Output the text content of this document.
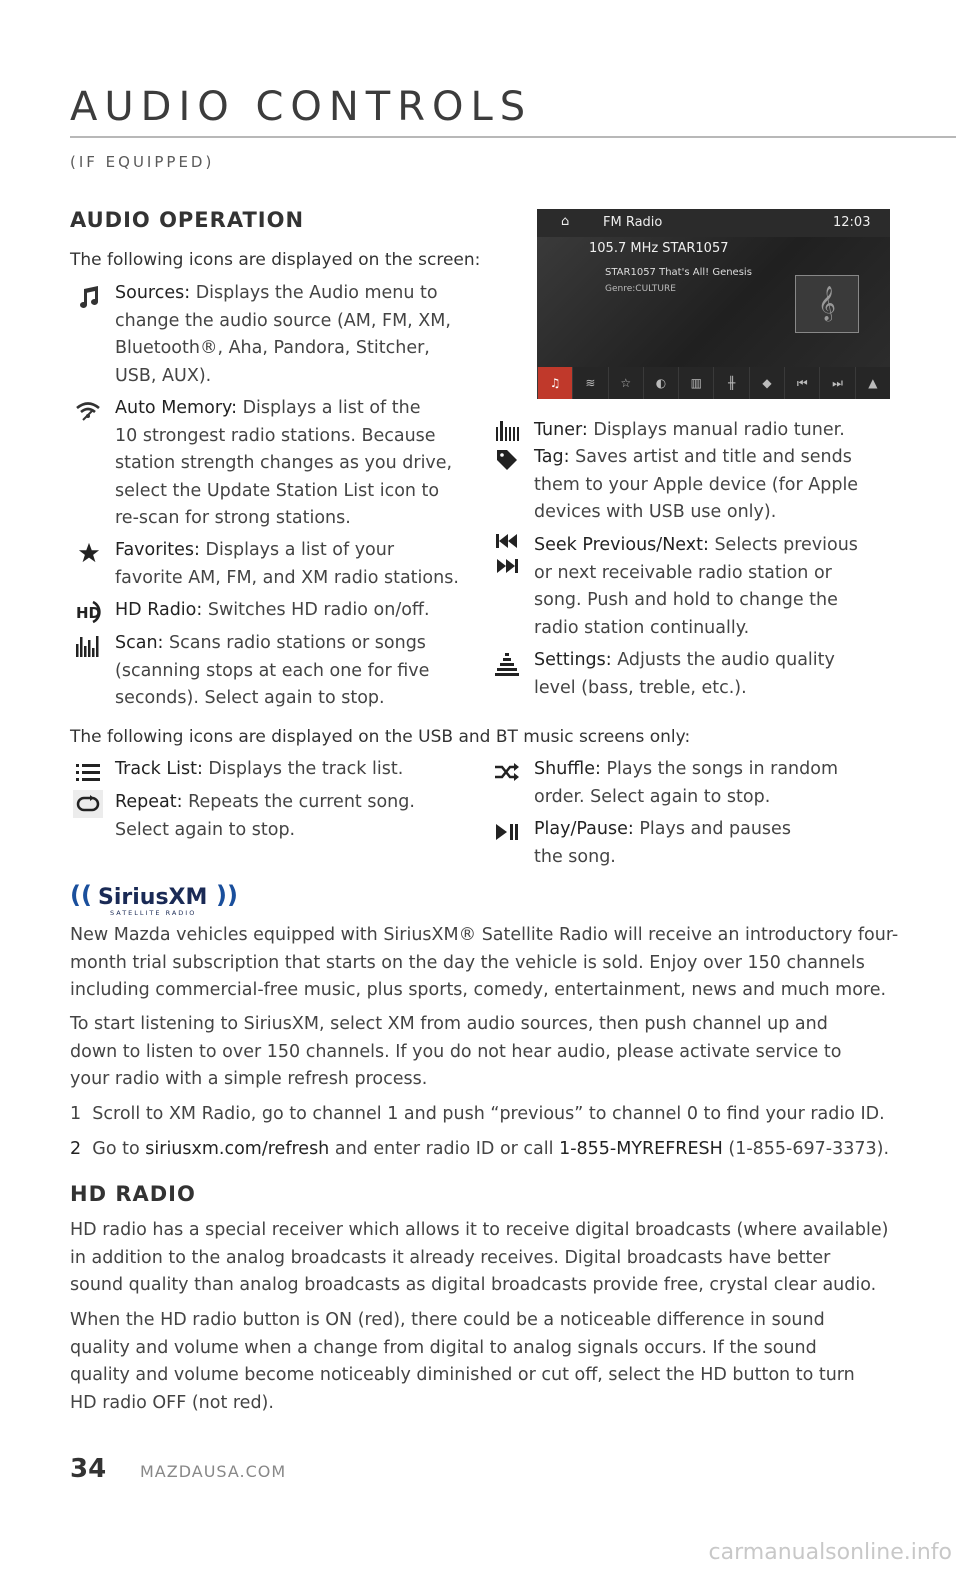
AUDIO CONTROLS
(IF EQUIPPED)
AUDIO OPERATION
The following icons are displayed on the screen:
Sources: Displays the Audio menu to
change the audio source (AM, FM, XM,
Bluetooth®, Aha, Pandora, Stitcher,
USB, AUX).
Auto Memory: Displays a list of the
10 strongest radio stations. Because
station strength changes as you drive,
select the Update Station List icon to
re-scan for strong stations.
Favorites: Displays a list of your
favorite AM, FM, and XM radio stations.
HD HD Radio: Switches HD radio on/off.
Scan: Scans radio stations or songs
(scanning stops at each one for five
seconds). Select again to stop.
⌂	FM Radio	12:03
105.7 MHz STAR1057
STAR1057 That's All! Genesis
Genre:CULTURE	𝄞
♫	≋	☆	◐	▥	╫	◆	⏮	⏭	▲
Tuner: Displays manual radio tuner.
Tag: Saves artist and title and sends
them to your Apple device (for Apple
devices with USB use only).
Seek Previous/Next: Selects previous
or next receivable radio station or
song. Push and hold to change the
radio station continually.
Settings: Adjusts the audio quality
level (bass, treble, etc.).
The following icons are displayed on the USB and BT music screens only:
Track List: Displays the track list.
Repeat: Repeats the current song.
Select again to stop.
Shuffle: Plays the songs in random
order. Select again to stop.
Play/Pause: Plays and pauses
the song.
(( SiriusXM ))
SATELLITE RADIO
New Mazda vehicles equipped with SiriusXM® Satellite Radio will receive an introductory four-
month trial subscription that starts on the day the vehicle is sold. Enjoy over 150 channels
including commercial-free music, plus sports, comedy, entertainment, news and much more.
To start listening to SiriusXM, select XM from audio sources, then push channel up and
down to listen to over 150 channels. If you do not hear audio, please activate service to
your radio with a simple refresh process.
1 Scroll to XM Radio, go to channel 1 and push “previous” to channel 0 to find your radio ID.
2 Go to siriusxm.com/refresh and enter radio ID or call 1-855-MYREFRESH (1-855-697-3373).
HD RADIO
HD radio has a special receiver which allows it to receive digital broadcasts (where available)
in addition to the analog broadcasts it already receives. Digital broadcasts have better
sound quality than analog broadcasts as digital broadcasts provide free, crystal clear audio.
When the HD radio button is ON (red), there could be a noticeable difference in sound
quality and volume when a change from digital to analog signals occurs. If the sound
quality and volume become noticeably diminished or cut off, select the HD button to turn
HD radio OFF (not red).
34 MAZDAUSA.COM
carmanualsonline.info
